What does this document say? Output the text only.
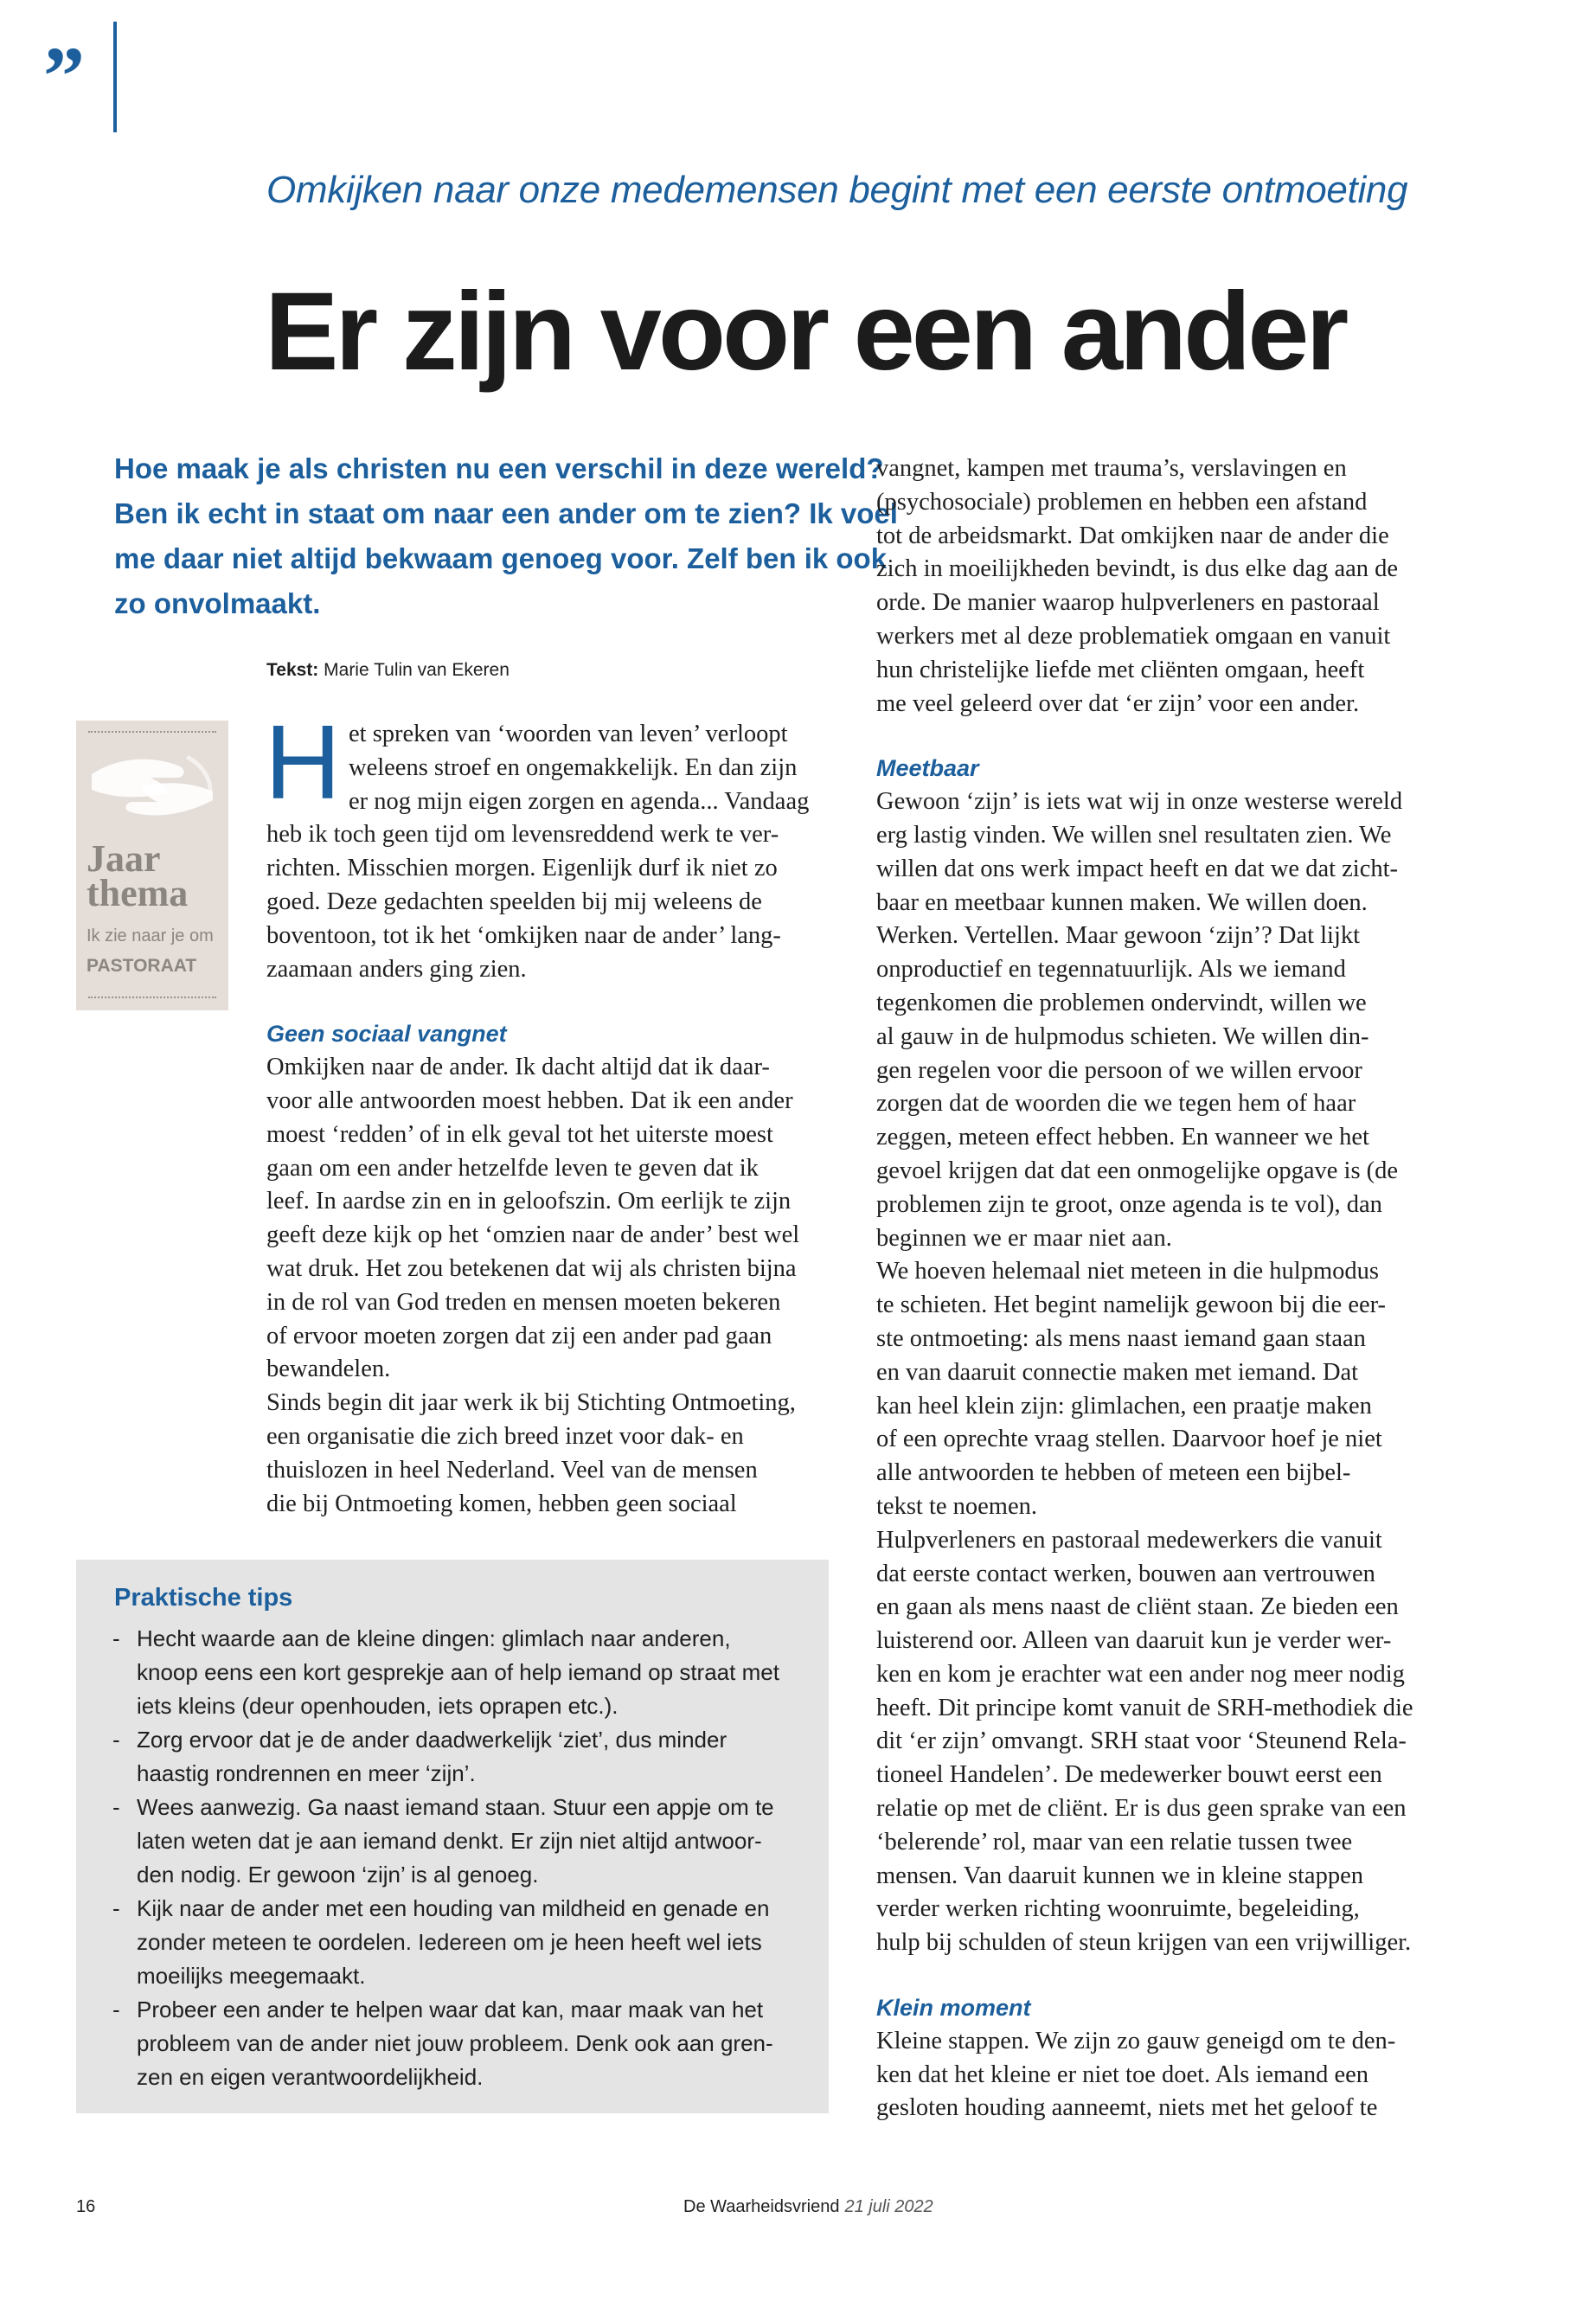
”
Omkijken naar onze medemensen begint met een eerste ontmoeting
Er zijn voor een ander

Hoe maak je als christen nu een verschil in deze wereld?

Ben ik echt in staat om naar een ander om te zien? Ik voel

me daar niet altijd bekwaam genoeg voor. Zelf ben ik ook

zo onvolmaakt.

Tekst: Marie Tulin van Ekeren
Jaar
thema
Ik zie naar je om
PASTORAAT
H et spreken van ‘woorden van leven’ verloopt
weleens stroef en ongemakkelijk. En dan zijn
er nog mijn eigen zorgen en agenda... Vandaag
heb ik toch geen tijd om levensreddend werk te ver-
richten. Misschien morgen. Eigenlijk durf ik niet zo
goed. Deze gedachten speelden bij mij weleens de
boventoon, tot ik het ‘omkijken naar de ander’ lang-
zaamaan anders ging zien.
Geen sociaal vangnet
Omkijken naar de ander. Ik dacht altijd dat ik daar-
voor alle antwoorden moest hebben. Dat ik een ander
moest ‘redden’ of in elk geval tot het uiterste moest
gaan om een ander hetzelfde leven te geven dat ik
leef. In aardse zin en in geloofszin. Om eerlijk te zijn
geeft deze kijk op het ‘omzien naar de ander’ best wel
wat druk. Het zou betekenen dat wij als christen bijna
in de rol van God treden en mensen moeten bekeren
of ervoor moeten zorgen dat zij een ander pad gaan
bewandelen.
Sinds begin dit jaar werk ik bij Stichting Ontmoeting,
een organisatie die zich breed inzet voor dak- en
thuislozen in heel Nederland. Veel van de mensen
die bij Ontmoeting komen, hebben geen sociaal
vangnet, kampen met trauma’s, verslavingen en
(psychosociale) problemen en hebben een afstand
tot de arbeidsmarkt. Dat omkijken naar de ander die
zich in moeilijkheden bevindt, is dus elke dag aan de
orde. De manier waarop hulpverleners en pastoraal
werkers met al deze problematiek omgaan en vanuit
hun christelijke liefde met cliënten omgaan, heeft
me veel geleerd over dat ‘er zijn’ voor een ander.
Meetbaar
Gewoon ‘zijn’ is iets wat wij in onze westerse wereld
erg lastig vinden. We willen snel resultaten zien. We
willen dat ons werk impact heeft en dat we dat zicht-
baar en meetbaar kunnen maken. We willen doen.
Werken. Vertellen. Maar gewoon ‘zijn’? Dat lijkt
onproductief en tegennatuurlijk. Als we iemand
tegenkomen die problemen ondervindt, willen we
al gauw in de hulpmodus schieten. We willen din-
gen regelen voor die persoon of we willen ervoor
zorgen dat de woorden die we tegen hem of haar
zeggen, meteen effect hebben. En wanneer we het
gevoel krijgen dat dat een onmogelijke opgave is (de
problemen zijn te groot, onze agenda is te vol), dan
beginnen we er maar niet aan.
We hoeven helemaal niet meteen in die hulpmodus
te schieten. Het begint namelijk gewoon bij die eer-
ste ontmoeting: als mens naast iemand gaan staan
en van daaruit connectie maken met iemand. Dat
kan heel klein zijn: glimlachen, een praatje maken
of een oprechte vraag stellen. Daarvoor hoef je niet
alle antwoorden te hebben of meteen een bijbel-
tekst te noemen.
Hulpverleners en pastoraal medewerkers die vanuit
dat eerste contact werken, bouwen aan vertrouwen
en gaan als mens naast de cliënt staan. Ze bieden een
luisterend oor. Alleen van daaruit kun je verder wer-
ken en kom je erachter wat een ander nog meer nodig
heeft. Dit principe komt vanuit de SRH-methodiek die
dit ‘er zijn’ omvangt. SRH staat voor ‘Steunend Rela-
tioneel Handelen’. De medewerker bouwt eerst een
relatie op met de cliënt. Er is dus geen sprake van een
‘belerende’ rol, maar van een relatie tussen twee
mensen. Van daaruit kunnen we in kleine stappen
verder werken richting woonruimte, begeleiding,
hulp bij schulden of steun krijgen van een vrijwilliger.
Klein moment
Kleine stappen. We zijn zo gauw geneigd om te den-
ken dat het kleine er niet toe doet. Als iemand een
gesloten houding aanneemt, niets met het geloof te
Praktische tips
- Hecht waarde aan de kleine dingen: glimlach naar anderen,
knoop eens een kort gesprekje aan of help iemand op straat met
iets kleins (deur openhouden, iets oprapen etc.).
- Zorg ervoor dat je de ander daadwerkelijk ‘ziet’, dus minder
haastig rondrennen en meer ‘zijn’.
- Wees aanwezig. Ga naast iemand staan. Stuur een appje om te
laten weten dat je aan iemand denkt. Er zijn niet altijd antwoor-
den nodig. Er gewoon ‘zijn’ is al genoeg.
- Kijk naar de ander met een houding van mildheid en genade en
zonder meteen te oordelen. Iedereen om je heen heeft wel iets
moeilijks meegemaakt.
- Probeer een ander te helpen waar dat kan, maar maak van het
probleem van de ander niet jouw probleem. Denk ook aan gren-
zen en eigen verantwoordelijkheid.
16	De Waarheidsvriend 21 juli 2022
